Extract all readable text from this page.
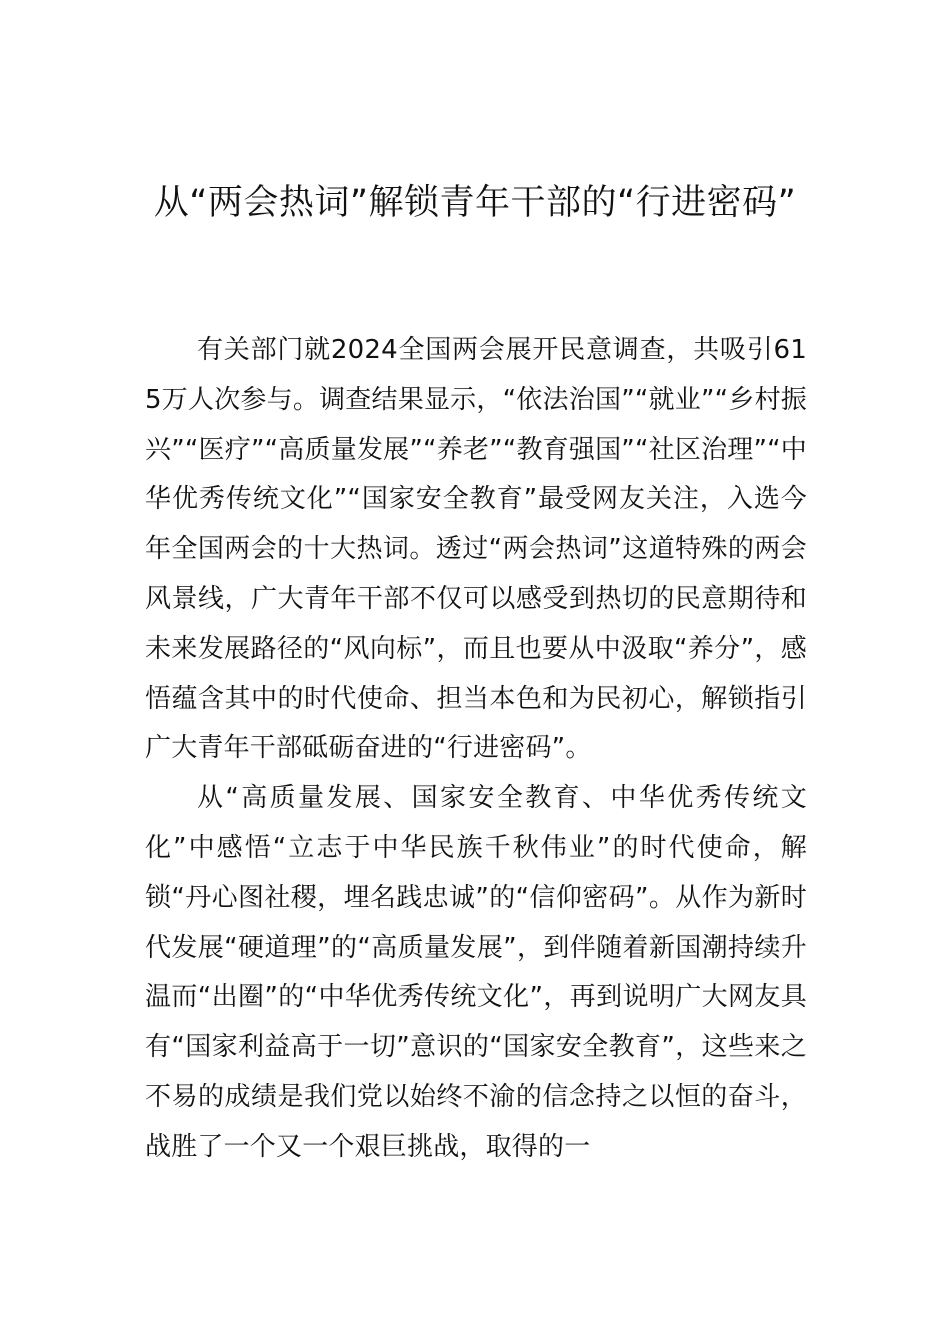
从“两会热词”解锁青年干部的“行进密码”

有关部门就2024全国两会展开民意调查，共吸引615万人次参与。调查结果显示，“依法治国”“就业”“乡村振兴”“医疗”“高质量发展”“养老”“教育强国”“社区治理”“中华优秀传统文化”“国家安全教育”最受网友关注，入选今年全国两会的十大热词。透过“两会热词”这道特殊的两会风景线，广大青年干部不仅可以感受到热切的民意期待和未来发展路径的“风向标”，而且也要从中汲取“养分”，感悟蕴含其中的时代使命、担当本色和为民初心，解锁指引广大青年干部砥砺奋进的“行进密码”。

从“高质量发展、国家安全教育、中华优秀传统文化”中感悟“立志于中华民族千秋伟业”的时代使命，解锁“丹心图社稷，埋名践忠诚”的“信仰密码”。从作为新时代发展“硬道理”的“高质量发展”，到伴随着新国潮持续升温而“出圈”的“中华优秀传统文化”，再到说明广大网友具有“国家利益高于一切”意识的“国家安全教育”，这些来之不易的成绩是我们党以始终不渝的信念持之以恒的奋斗，战胜了一个又一个艰巨挑战，取得的一
